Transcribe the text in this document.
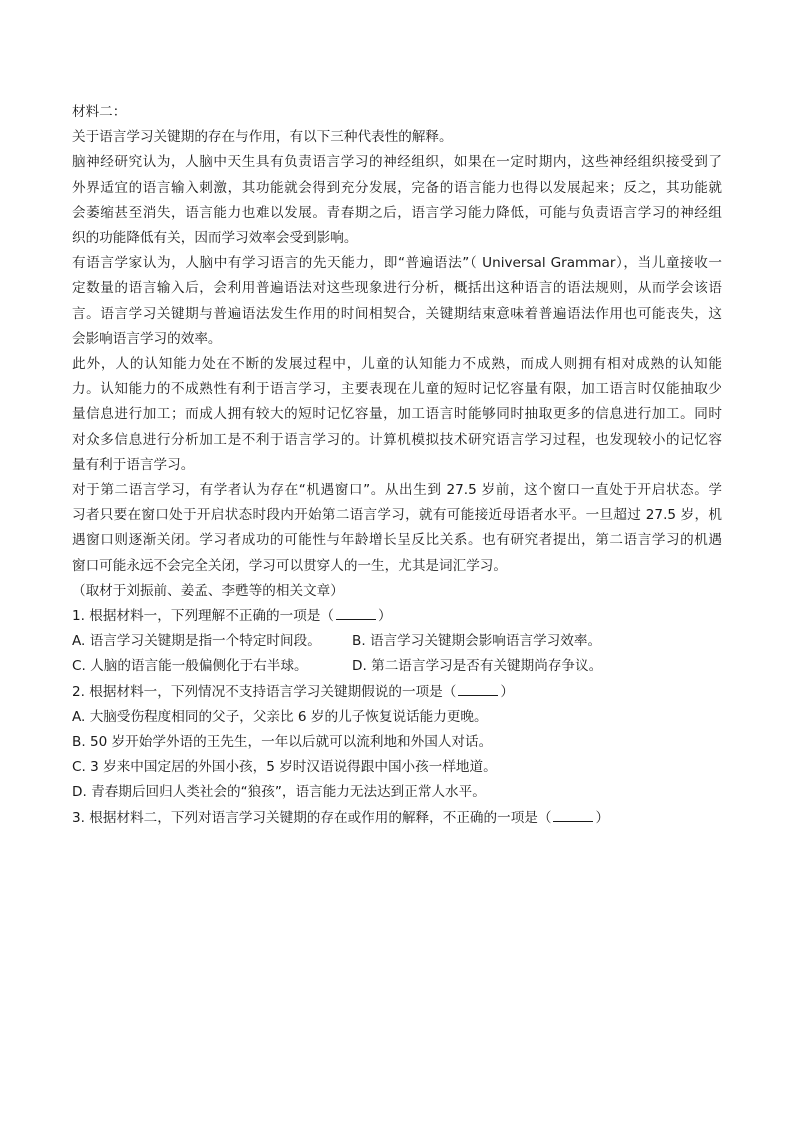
材料二：

关于语言学习关键期的存在与作用，有以下三种代表性的解释。

脑神经研究认为，人脑中天生具有负责语言学习的神经组织，如果在一定时期内，这些神经组织接受到了
外界适宜的语言输入刺激，其功能就会得到充分发展，完备的语言能力也得以发展起来；反之，其功能就
会萎缩甚至消失，语言能力也难以发展。青春期之后，语言学习能力降低，可能与负责语言学习的神经组
织的功能降低有关，因而学习效率会受到影响。

有语言学家认为，人脑中有学习语言的先天能力，即“普遍语法”（ Universal Grammar），当儿童接收一
定数量的语言输入后，会利用普遍语法对这些现象进行分析，概括出这种语言的语法规则，从而学会该语
言。语言学习关键期与普遍语法发生作用的时间相契合，关键期结束意味着普遍语法作用也可能丧失，这
会影响语言学习的效率。

此外，人的认知能力处在不断的发展过程中，儿童的认知能力不成熟，而成人则拥有相对成熟的认知能
力。认知能力的不成熟性有利于语言学习，主要表现在儿童的短时记忆容量有限，加工语言时仅能抽取少
量信息进行加工；而成人拥有较大的短时记忆容量，加工语言时能够同时抽取更多的信息进行加工。同时
对众多信息进行分析加工是不利于语言学习的。计算机模拟技术研究语言学习过程，也发现较小的记忆容
量有利于语言学习。

对于第二语言学习，有学者认为存在“机遇窗口”。从出生到 27.5 岁前，这个窗口一直处于开启状态。学
习者只要在窗口处于开启状态时段内开始第二语言学习，就有可能接近母语者水平。一旦超过 27.5 岁，机
遇窗口则逐渐关闭。学习者成功的可能性与年龄增长呈反比关系。也有研究者提出，第二语言学习的机遇
窗口可能永远不会完全关闭，学习可以贯穿人的一生，尤其是词汇学习。

（取材于刘振前、姜孟、李甦等的相关文章）

1. 根据材料一，下列理解不正确的一项是（	）

A. 语言学习关键期是指一个特定时间段。	B. 语言学习关键期会影响语言学习效率。
C. 人脑的语言能一般偏侧化于右半球。	D. 第二语言学习是否有关键期尚存争议。

2. 根据材料一，下列情况不支持语言学习关键期假说的一项是（	）

A. 大脑受伤程度相同的父子，父亲比 6 岁的儿子恢复说话能力更晚。

B. 50 岁开始学外语的王先生，一年以后就可以流利地和外国人对话。

C. 3 岁来中国定居的外国小孩，5 岁时汉语说得跟中国小孩一样地道。

D. 青春期后回归人类社会的“狼孩”，语言能力无法达到正常人水平。

3. 根据材料二，下列对语言学习关键期的存在或作用的解释，不正确的一项是（	）
